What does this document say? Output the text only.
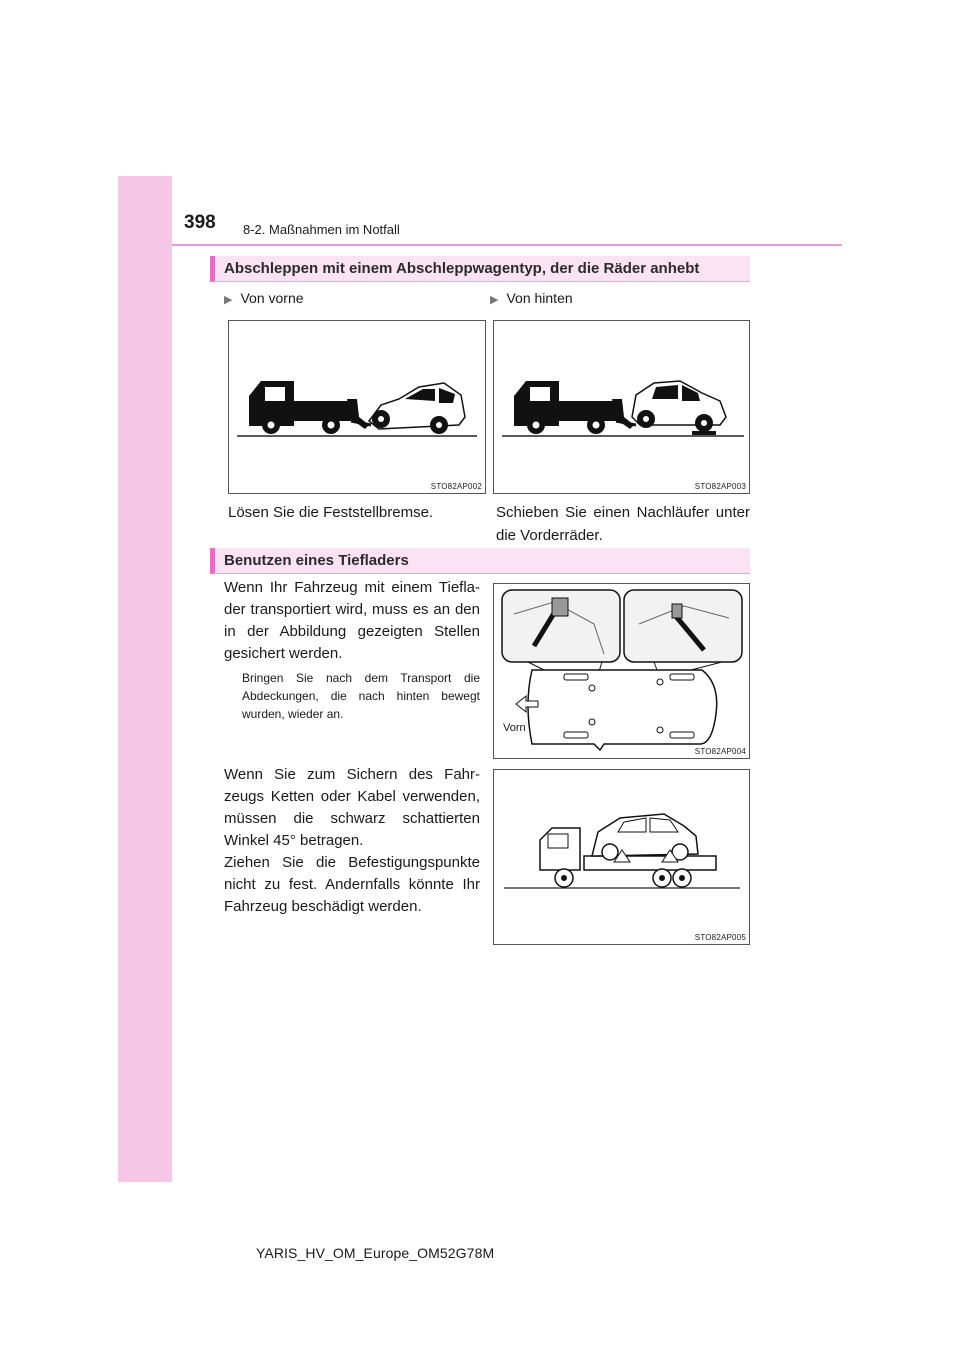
398 8-2. Maßnahmen im Notfall
Abschleppen mit einem Abschleppwagentyp, der die Räder anhebt
▶ Von vorne	▶ Von hinten
STO82AP002	STO82AP003
Lösen Sie die Feststellbremse.	Schieben Sie einen Nachläufer unter die Vorderräder.
Benutzen eines Tiefladers
Wenn Ihr Fahrzeug mit einem Tiefla-der transportiert wird, muss es an den in der Abbildung gezeigten Stellen gesichert werden.
Bringen Sie nach dem Transport die Abdeckungen, die nach hinten bewegt wurden, wieder an.
Wenn Sie zum Sichern des Fahr-zeugs Ketten oder Kabel verwenden, müssen die schwarz schattierten Winkel 45° betragen.
Ziehen Sie die Befestigungspunkte nicht zu fest. Andernfalls könnte Ihr Fahrzeug beschädigt werden.
STO82AP004
Vorn
STO82AP005
YARIS_HV_OM_Europe_OM52G78M
